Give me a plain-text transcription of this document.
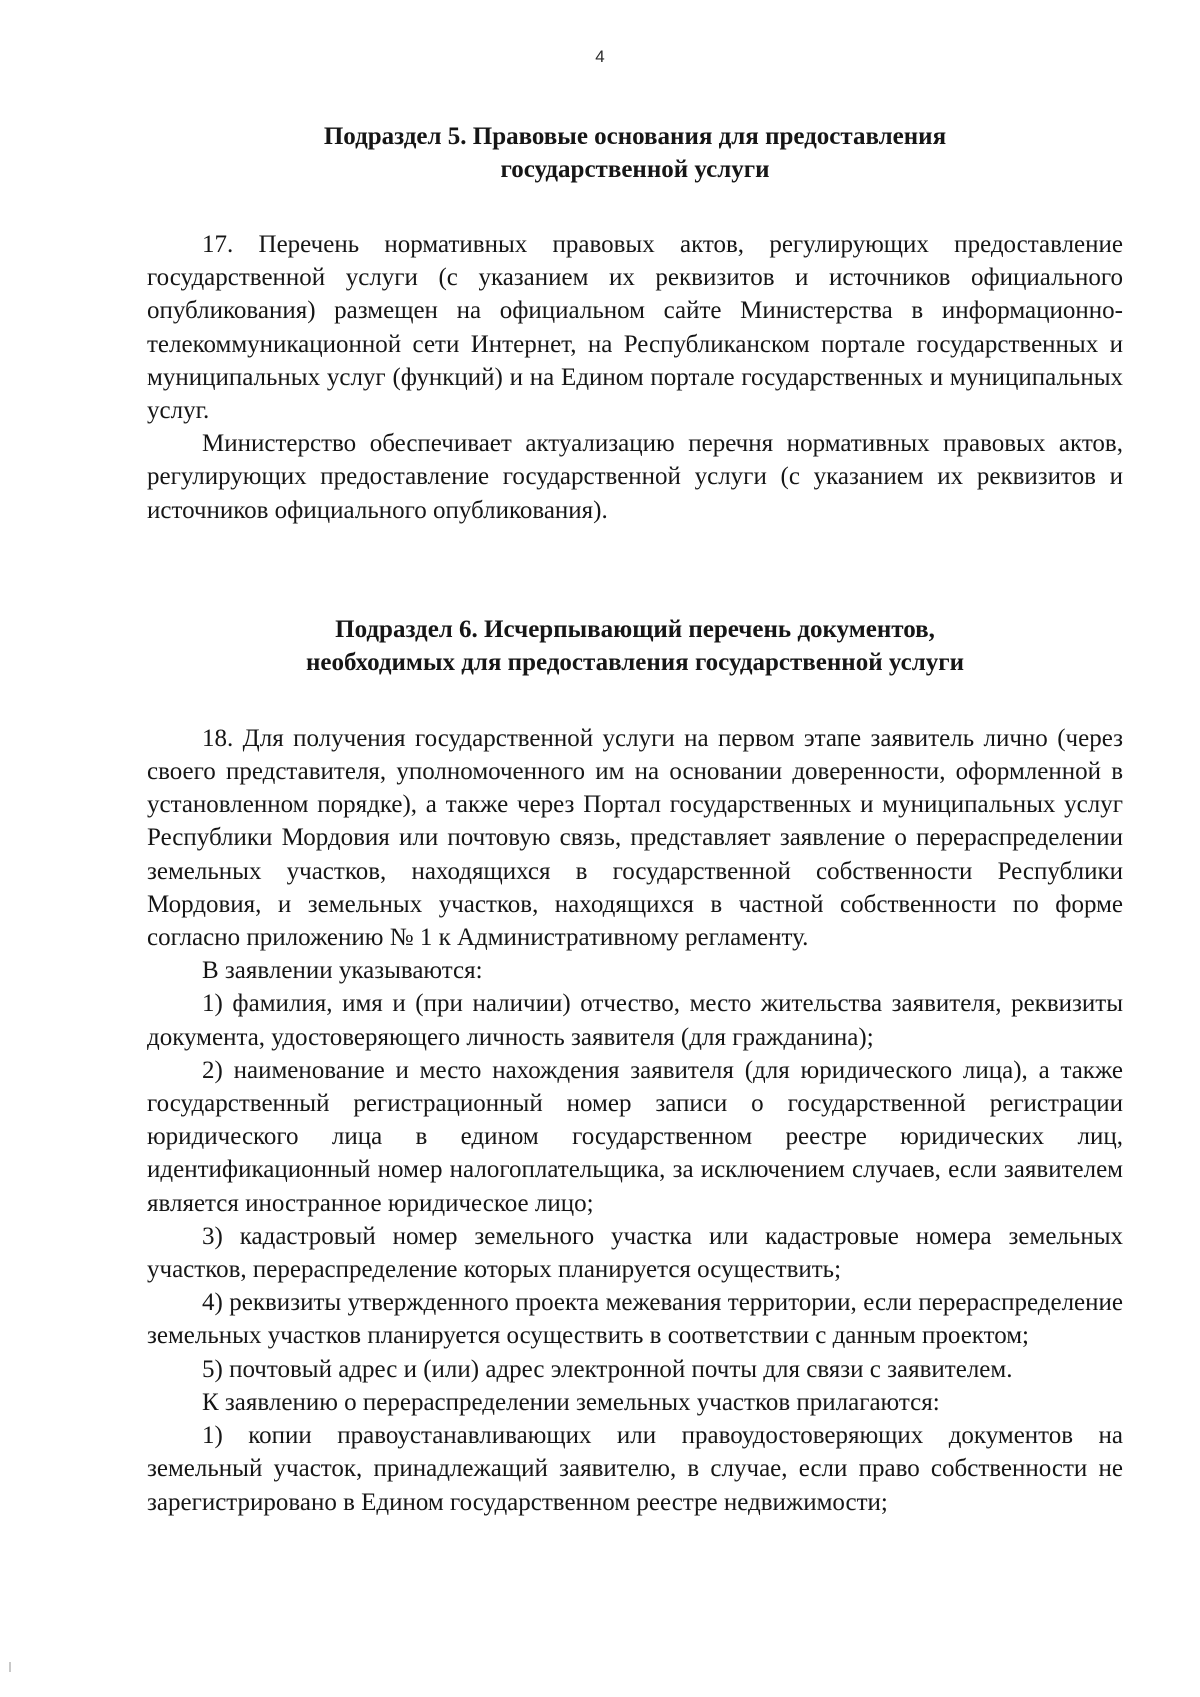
4
Подраздел 5. Правовые основания для предоставления
государственной услуги

17. Перечень нормативных правовых актов, регулирующих предоставление государственной услуги (с указанием их реквизитов и источников официального опубликования) размещен на официальном сайте Министерства в информационно-телекоммуникационной сети Интернет, на Республиканском портале государственных и муниципальных услуг (функций) и на Едином портале государственных и муниципальных услуг.

Министерство обеспечивает актуализацию перечня нормативных правовых актов, регулирующих предоставление государственной услуги (с указанием их реквизитов и источников официального опубликования).

Подраздел 6. Исчерпывающий перечень документов,
необходимых для предоставления государственной услуги

18. Для получения государственной услуги на первом этапе заявитель лично (через своего представителя, уполномоченного им на основании доверенности, оформленной в установленном порядке), а также через Портал государственных и муниципальных услуг Республики Мордовия или почтовую связь, представляет заявление о перераспределении земельных участков, находящихся в государственной собственности Республики Мордовия, и земельных участков, находящихся в частной собственности по форме согласно приложению № 1 к Административному регламенту.

В заявлении указываются:

1) фамилия, имя и (при наличии) отчество, место жительства заявителя, реквизиты документа, удостоверяющего личность заявителя (для гражданина);

2) наименование и место нахождения заявителя (для юридического лица), а также государственный регистрационный номер записи о государственной регистрации юридического лица в едином государственном реестре юридических лиц, идентификационный номер налогоплательщика, за исключением случаев, если заявителем является иностранное юридическое лицо;

3) кадастровый номер земельного участка или кадастровые номера земельных участков, перераспределение которых планируется осуществить;

4) реквизиты утвержденного проекта межевания территории, если перераспределение земельных участков планируется осуществить в соответствии с данным проектом;

5) почтовый адрес и (или) адрес электронной почты для связи с заявителем.

К заявлению о перераспределении земельных участков прилагаются:

1) копии правоустанавливающих или правоудостоверяющих документов на земельный участок, принадлежащий заявителю, в случае, если право собственности не зарегистрировано в Едином государственном реестре недвижимости;
